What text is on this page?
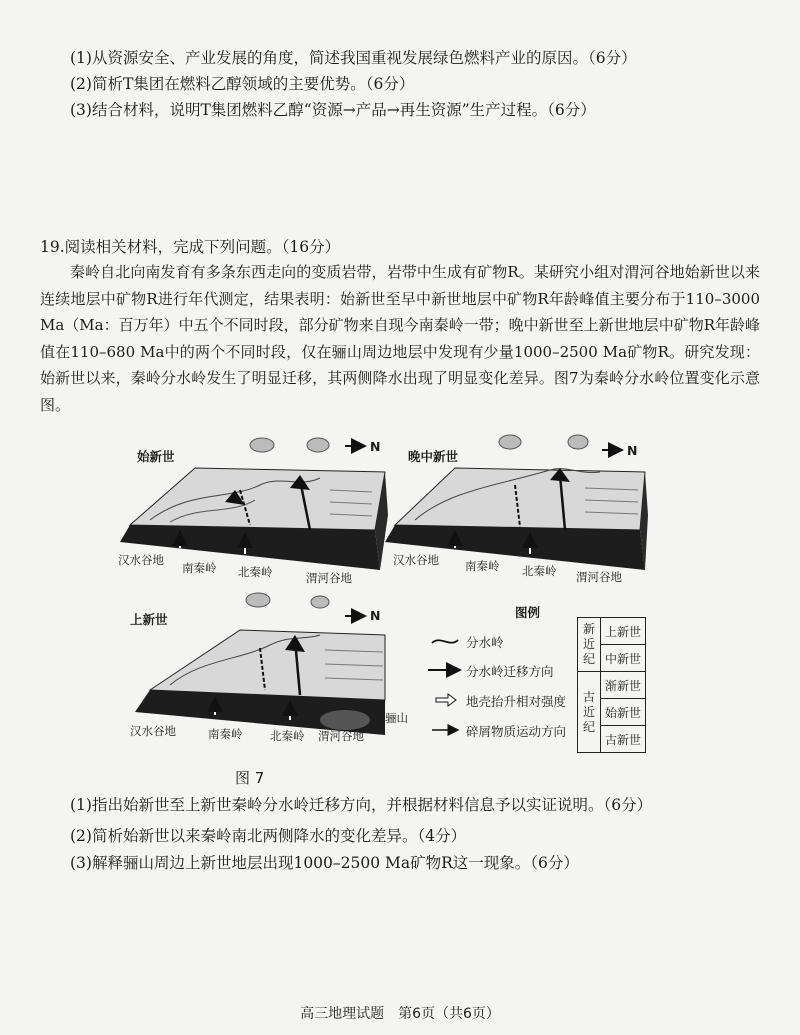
(1)从资源安全、产业发展的角度，简述我国重视发展绿色燃料产业的原因。（6分）
(2)简析T集团在燃料乙醇领域的主要优势。（6分）
(3)结合材料，说明T集团燃料乙醇“资源→产品→再生资源”生产过程。（6分）
19.阅读相关材料，完成下列问题。（16分）

秦岭自北向南发育有多条东西走向的变质岩带，岩带中生成有矿物R。某研究小组对渭河谷地始新世以来连续地层中矿物R进行年代测定，结果表明：始新世至早中新世地层中矿物R年龄峰值主要分布于110–3000 Ma（Ma：百万年）中五个不同时段，部分矿物来自现今南秦岭一带；晚中新世至上新世地层中矿物R年龄峰值在110–680 Ma中的两个不同时段，仅在骊山周边地层中发现有少量1000–2500 Ma矿物R。研究发现：始新世以来，秦岭分水岭发生了明显迁移，其两侧降水出现了明显变化差异。图7为秦岭分水岭位置变化示意图。

始新世	晚中新世
上新世
N	N
N
汉水谷地
南秦岭 北秦岭	渭河谷地
汉水谷地 南秦岭 北秦岭 渭河谷地
汉水谷地	南秦岭 北秦岭 渭河谷地
骊山
图例
分水岭
分水岭迁移方向
地壳抬升相对强度
碎屑物质运动方向
新
近
纪	上新世
	中新世
古
近
纪	渐新世
	始新世
	古新世
图 7
(1)指出始新世至上新世秦岭分水岭迁移方向，并根据材料信息予以实证说明。（6分）
(2)简析始新世以来秦岭南北两侧降水的变化差异。（4分）
(3)解释骊山周边上新世地层出现1000–2500 Ma矿物R这一现象。（6分）
高三地理试题　第6页（共6页）
